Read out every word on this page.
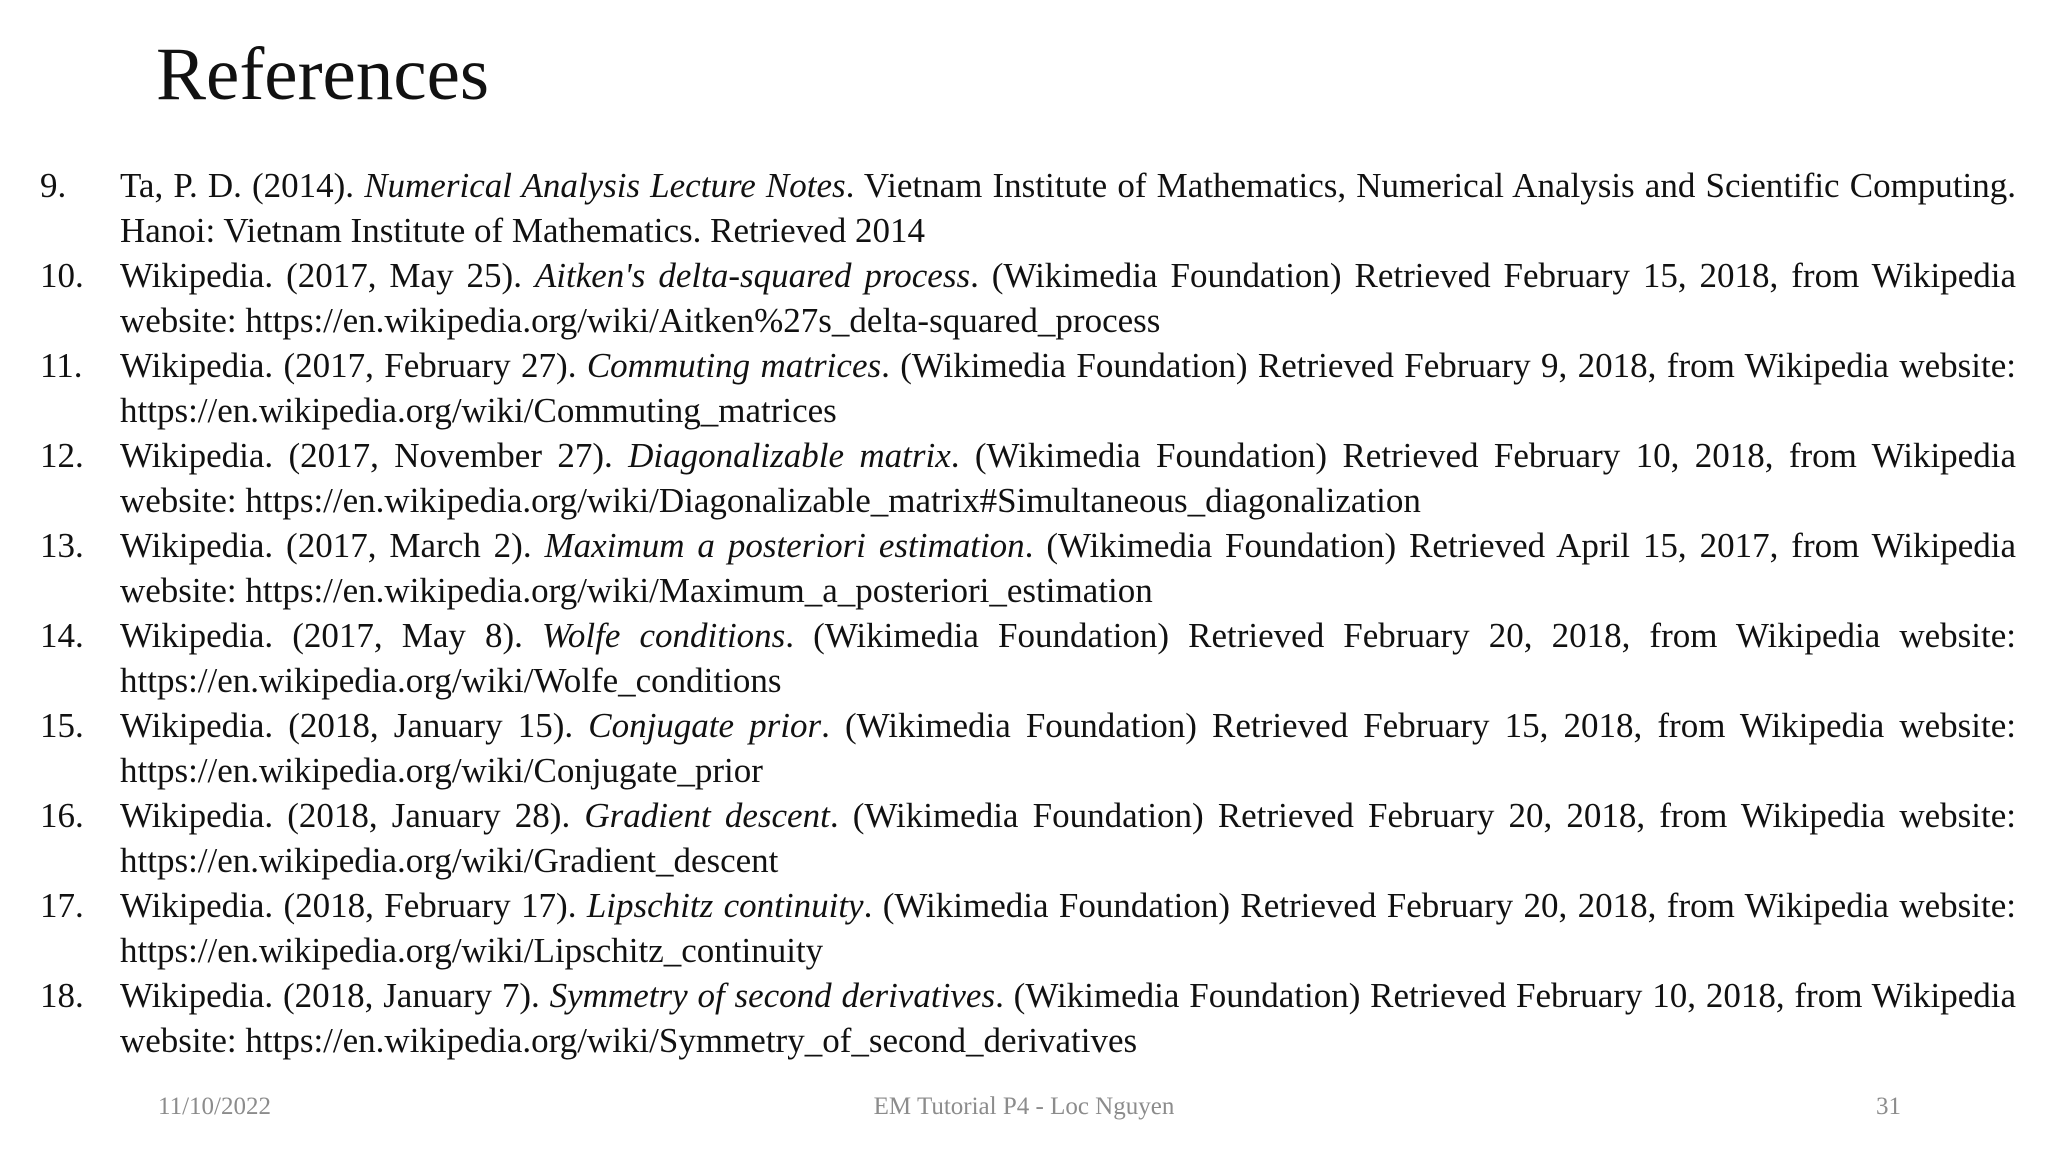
References
9.	Ta, P. D. (2014). Numerical Analysis Lecture Notes. Vietnam Institute of Mathematics, Numerical Analysis and Scientific Computing. Hanoi: Vietnam Institute of Mathematics. Retrieved 2014
10.	Wikipedia. (2017, May 25). Aitken's delta-squared process. (Wikimedia Foundation) Retrieved February 15, 2018, from Wikipedia website: https://en.wikipedia.org/wiki/Aitken%27s_delta-squared_process
11.	Wikipedia. (2017, February 27). Commuting matrices. (Wikimedia Foundation) Retrieved February 9, 2018, from Wikipedia website: https://en.wikipedia.org/wiki/Commuting_matrices
12.	Wikipedia. (2017, November 27). Diagonalizable matrix. (Wikimedia Foundation) Retrieved February 10, 2018, from Wikipedia website: https://en.wikipedia.org/wiki/Diagonalizable_matrix#Simultaneous_diagonalization
13.	Wikipedia. (2017, March 2). Maximum a posteriori estimation. (Wikimedia Foundation) Retrieved April 15, 2017, from Wikipedia website: https://en.wikipedia.org/wiki/Maximum_a_posteriori_estimation
14.	Wikipedia. (2017, May 8). Wolfe conditions. (Wikimedia Foundation) Retrieved February 20, 2018, from Wikipedia website: https://en.wikipedia.org/wiki/Wolfe_conditions
15.	Wikipedia. (2018, January 15). Conjugate prior. (Wikimedia Foundation) Retrieved February 15, 2018, from Wikipedia website: https://en.wikipedia.org/wiki/Conjugate_prior
16.	Wikipedia. (2018, January 28). Gradient descent. (Wikimedia Foundation) Retrieved February 20, 2018, from Wikipedia website: https://en.wikipedia.org/wiki/Gradient_descent
17.	Wikipedia. (2018, February 17). Lipschitz continuity. (Wikimedia Foundation) Retrieved February 20, 2018, from Wikipedia website: https://en.wikipedia.org/wiki/Lipschitz_continuity
18.	Wikipedia. (2018, January 7). Symmetry of second derivatives. (Wikimedia Foundation) Retrieved February 10, 2018, from Wikipedia website: https://en.wikipedia.org/wiki/Symmetry_of_second_derivatives
11/10/2022	EM Tutorial P4 - Loc Nguyen	31
